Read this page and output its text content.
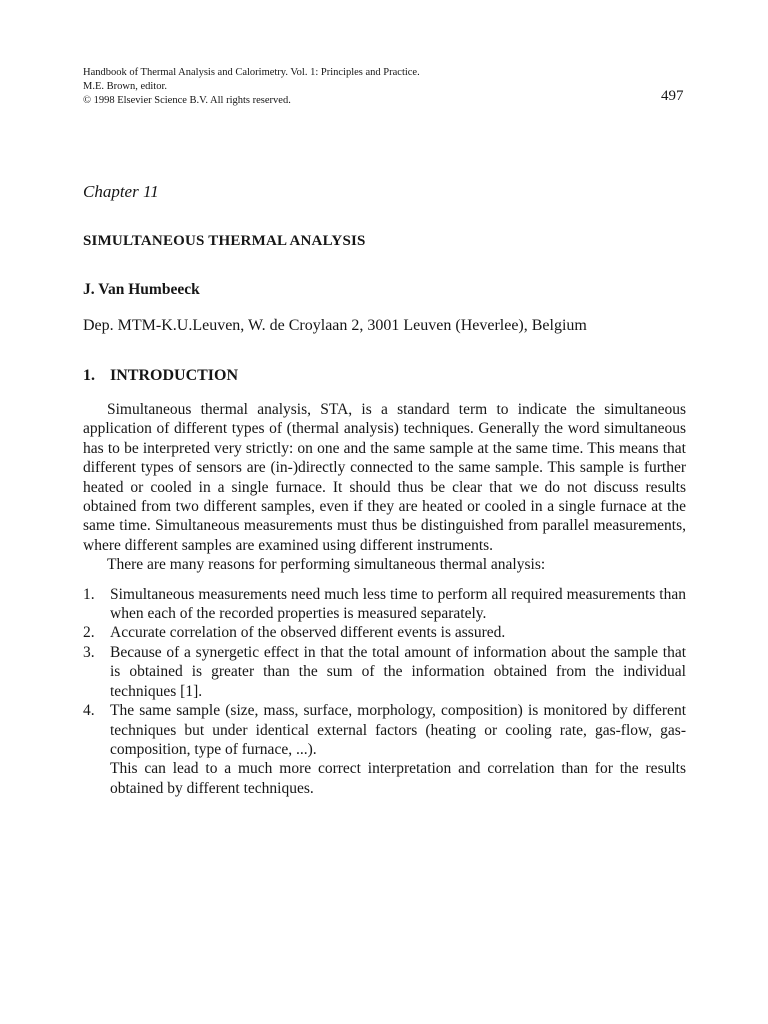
Handbook of Thermal Analysis and Calorimetry. Vol. 1: Principles and Practice.
M.E. Brown, editor.
© 1998 Elsevier Science B.V. All rights reserved.	497
Chapter 11
SIMULTANEOUS THERMAL ANALYSIS
J. Van Humbeeck
Dep. MTM-K.U.Leuven, W. de Croylaan 2, 3001 Leuven (Heverlee), Belgium
1. INTRODUCTION

Simultaneous thermal analysis, STA, is a standard term to indicate the simultaneous application of different types of (thermal analysis) techniques. Generally the word simultaneous has to be interpreted very strictly: on one and the same sample at the same time. This means that different types of sensors are (in-)directly connected to the same sample. This sample is further heated or cooled in a single furnace. It should thus be clear that we do not discuss results obtained from two different samples, even if they are heated or cooled in a single furnace at the same time. Simultaneous measurements must thus be distinguished from parallel measurements, where different samples are examined using different instruments.

There are many reasons for performing simultaneous thermal analysis:

1. Simultaneous measurements need much less time to perform all required measurements than when each of the recorded properties is measured separately.
2. Accurate correlation of the observed different events is assured.
3. Because of a synergetic effect in that the total amount of information about the sample that is obtained is greater than the sum of the information obtained from the individual techniques [1].
4. The same sample (size, mass, surface, morphology, composition) is monitored by different techniques but under identical external factors (heating or cooling rate, gas-flow, gas-composition, type of furnace, ...).
This can lead to a much more correct interpretation and correlation than for the results obtained by different techniques.
